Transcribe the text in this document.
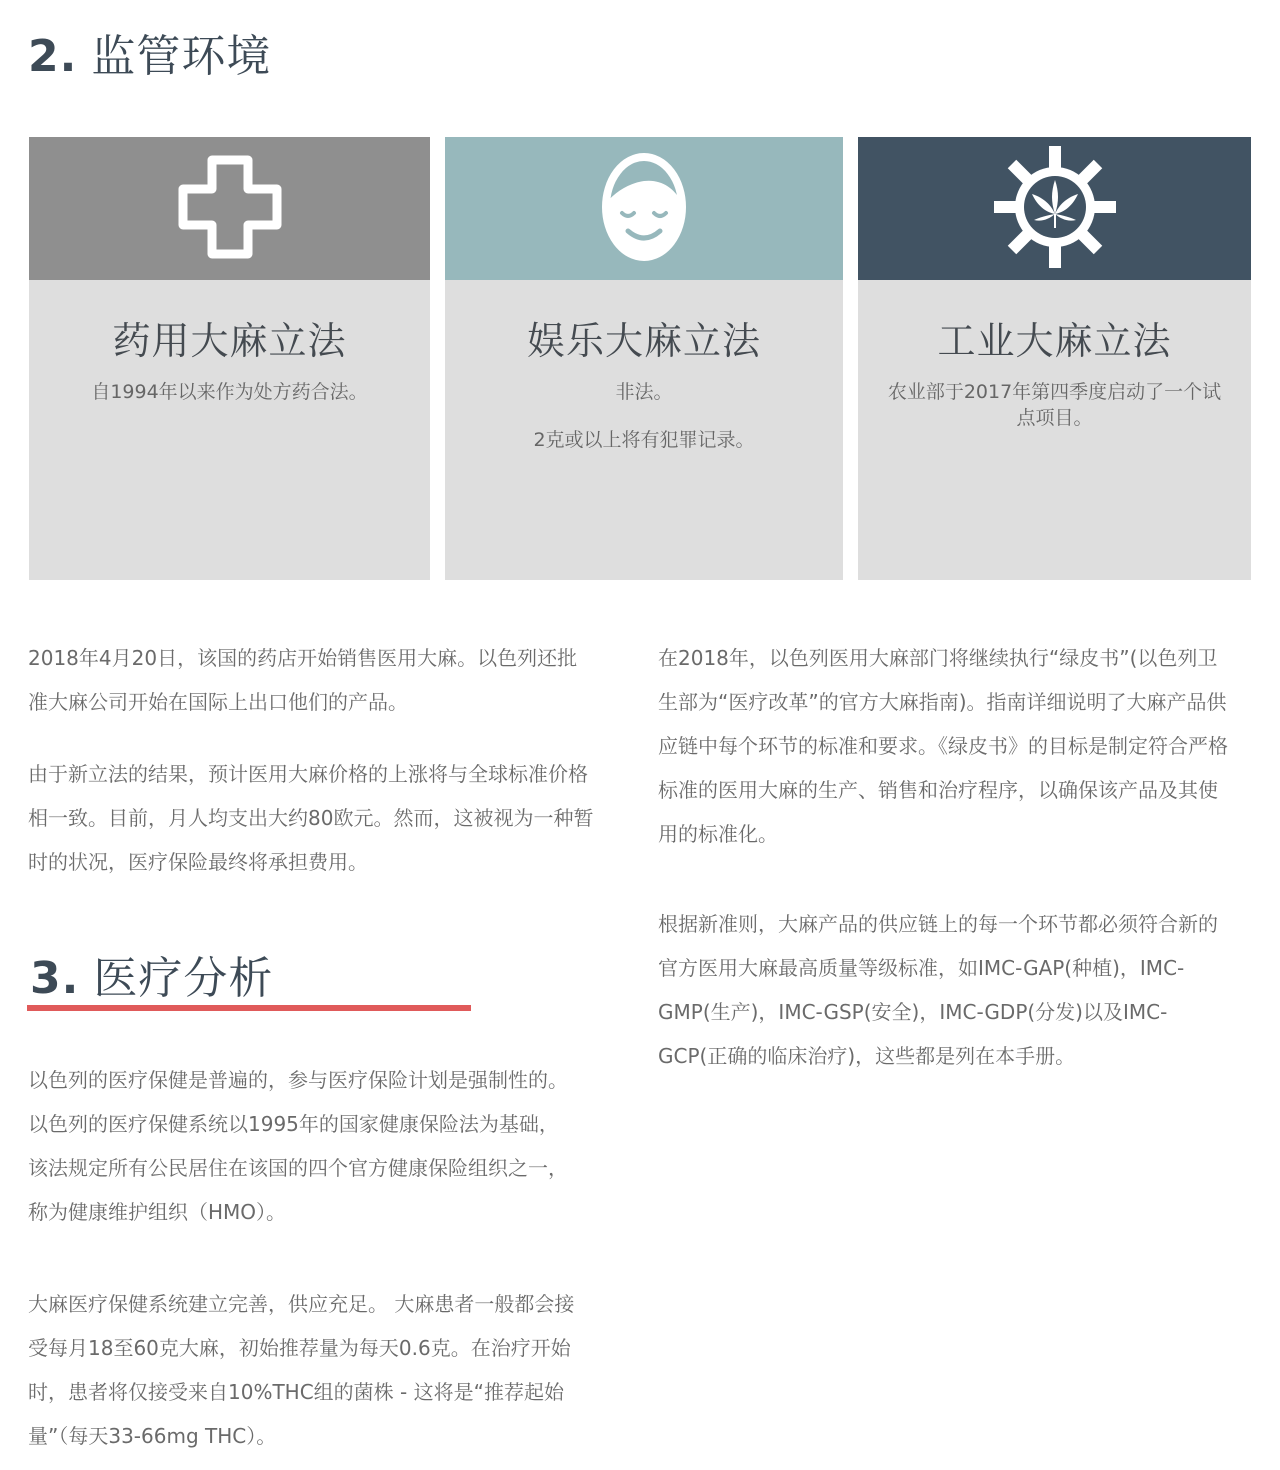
2. 监管环境
药用大麻立法

自1994年以来作为处方药合法。

娱乐大麻立法

非法。

2克或以上将有犯罪记录。

工业大麻立法

农业部于2017年第四季度启动了一个试点项目。

2018年4月20日，该国的药店开始销售医用大麻。以色列还批准大麻公司开始在国际上出口他们的产品。

由于新立法的结果，预计医用大麻价格的上涨将与全球标准价格相一致。目前，月人均支出大约80欧元。然而，这被视为一种暂时的状况，医疗保险最终将承担费用。

3. 医疗分析

以色列的医疗保健是普遍的，参与医疗保险计划是强制性的。 以色列的医疗保健系统以1995年的国家健康保险法为基础，该法规定所有公民居住在该国的四个官方健康保险组织之一，称为健康维护组织（HMO）。

大麻医疗保健系统建立完善，供应充足。 大麻患者一般都会接受每月18至60克大麻，初始推荐量为每天0.6克。在治疗开始时，患者将仅接受来自10%THC组的菌株 - 这将是“推荐起始量”（每天33-66mg THC）。

在2018年，以色列医用大麻部门将继续执行“绿皮书”(以色列卫生部为“医疗改革”的官方大麻指南)。指南详细说明了大麻产品供应链中每个环节的标准和要求。《绿皮书》的目标是制定符合严格标准的医用大麻的生产、销售和治疗程序，以确保该产品及其使用的标准化。

根据新准则，大麻产品的供应链上的每一个环节都必须符合新的官方医用大麻最高质量等级标准，如IMC-GAP(种植)，IMC-GMP(生产)，IMC-GSP(安全)，IMC-GDP(分发)以及IMC-GCP(正确的临床治疗)，这些都是列在本手册。
